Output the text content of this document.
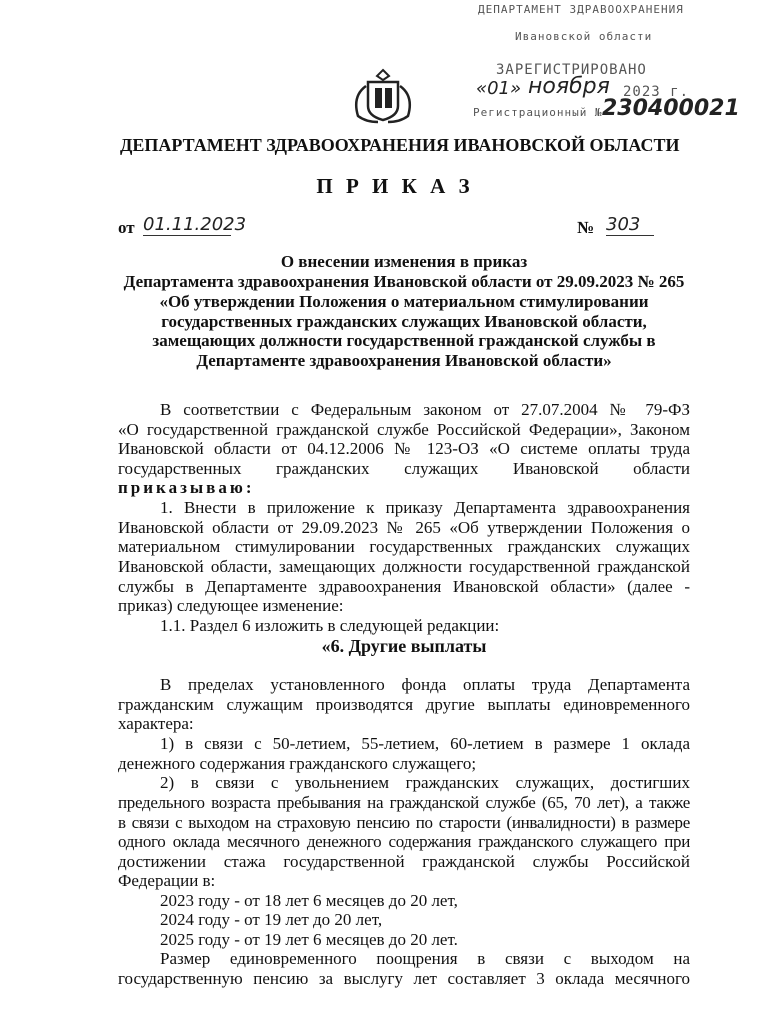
ДЕПАРТАМЕНТ ЗДРАВООХРАНЕНИЯ
Ивановской области
ЗАРЕГИСТРИРОВАНО
«01» ноября 2023 г.
Регистрационный № 230400021
ДЕПАРТАМЕНТ ЗДРАВООХРАНЕНИЯ ИВАНОВСКОЙ ОБЛАСТИ
П Р И К А З
от 01.11.2023	№ 303
О внесении изменения в приказ
Департамента здравоохранения Ивановской области от 29.09.2023 № 265
«Об утверждении Положения о материальном стимулировании
государственных гражданских служащих Ивановской области,
замещающих должности государственной гражданской службы в
Департаменте здравоохранения Ивановской области»
В соответствии с Федеральным законом от 27.07.2004 № 79-ФЗ
«О государственной гражданской службе Российской Федерации», Законом
Ивановской области от 04.12.2006 № 123-ОЗ «О системе оплаты труда
государственных гражданских служащих Ивановской области
приказываю:
1. Внести в приложение к приказу Департамента здравоохранения
Ивановской области от 29.09.2023 № 265 «Об утверждении Положения о
материальном стимулировании государственных гражданских служащих
Ивановской области, замещающих должности государственной гражданской
службы в Департаменте здравоохранения Ивановской области» (далее -
приказ) следующее изменение:
1.1. Раздел 6 изложить в следующей редакции:
«6. Другие выплаты
В пределах установленного фонда оплаты труда Департамента
гражданским служащим производятся другие выплаты единовременного
характера:
1) в связи с 50-летием, 55-летием, 60-летием в размере 1 оклада
денежного содержания гражданского служащего;
2) в связи с увольнением гражданских служащих, достигших
предельного возраста пребывания на гражданской службе (65, 70 лет), а также
в связи с выходом на страховую пенсию по старости (инвалидности) в размере
одного оклада месячного денежного содержания гражданского служащего при
достижении стажа государственной гражданской службы Российской
Федерации в:
2023 году - от 18 лет 6 месяцев до 20 лет,
2024 году - от 19 лет до 20 лет,
2025 году - от 19 лет 6 месяцев до 20 лет.
Размер единовременного поощрения в связи с выходом на
государственную пенсию за выслугу лет составляет 3 оклада месячного
